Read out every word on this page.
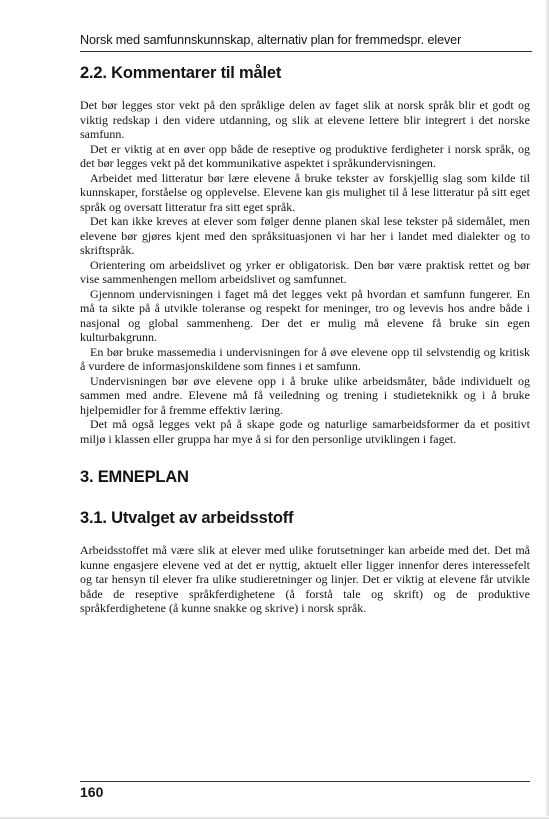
Norsk med samfunnskunnskap, alternativ plan for fremmedspr. elever
2.2. Kommentarer til målet

Det bør legges stor vekt på den språklige delen av faget slik at norsk språk blir et godt og viktig redskap i den videre utdanning, og slik at elevene lettere blir integrert i det norske samfunn.

Det er viktig at en øver opp både de reseptive og produktive ferdigheter i norsk språk, og det bør legges vekt på det kommunikative aspektet i språkundervisningen.

Arbeidet med litteratur bør lære elevene å bruke tekster av forskjellig slag som kilde til kunnskaper, forståelse og opplevelse. Elevene kan gis mulighet til å lese litteratur på sitt eget språk og oversatt litteratur fra sitt eget språk.

Det kan ikke kreves at elever som følger denne planen skal lese tekster på sidemålet, men elevene bør gjøres kjent med den språksituasjonen vi har her i landet med dialekter og to skriftspråk.

Orientering om arbeidslivet og yrker er obligatorisk. Den bør være praktisk rettet og bør vise sammenhengen mellom arbeidslivet og samfunnet.

Gjennom undervisningen i faget må det legges vekt på hvordan et samfunn fungerer. En må ta sikte på å utvikle toleranse og respekt for meninger, tro og levevis hos andre både i nasjonal og global sammenheng. Der det er mulig må elevene få bruke sin egen kulturbakgrunn.

En bør bruke massemedia i undervisningen for å øve elevene opp til selvstendig og kritisk å vurdere de informasjonskildene som finnes i et samfunn.

Undervisningen bør øve elevene opp i å bruke ulike arbeidsmåter, både individuelt og sammen med andre. Elevene må få veiledning og trening i studieteknikk og i å bruke hjelpemidler for å fremme effektiv læring.

Det må også legges vekt på å skape gode og naturlige samarbeidsformer da et positivt miljø i klassen eller gruppa har mye å si for den personlige utviklingen i faget.

3. EMNEPLAN
3.1. Utvalget av arbeidsstoff

Arbeidsstoffet må være slik at elever med ulike forutsetninger kan arbeide med det. Det må kunne engasjere elevene ved at det er nyttig, aktuelt eller ligger innenfor deres interessefelt og tar hensyn til elever fra ulike studieretninger og linjer. Det er viktig at elevene får utvikle både de reseptive språkferdighetene (å forstå tale og skrift) og de produktive språkferdighetene (å kunne snakke og skrive) i norsk språk.

160
